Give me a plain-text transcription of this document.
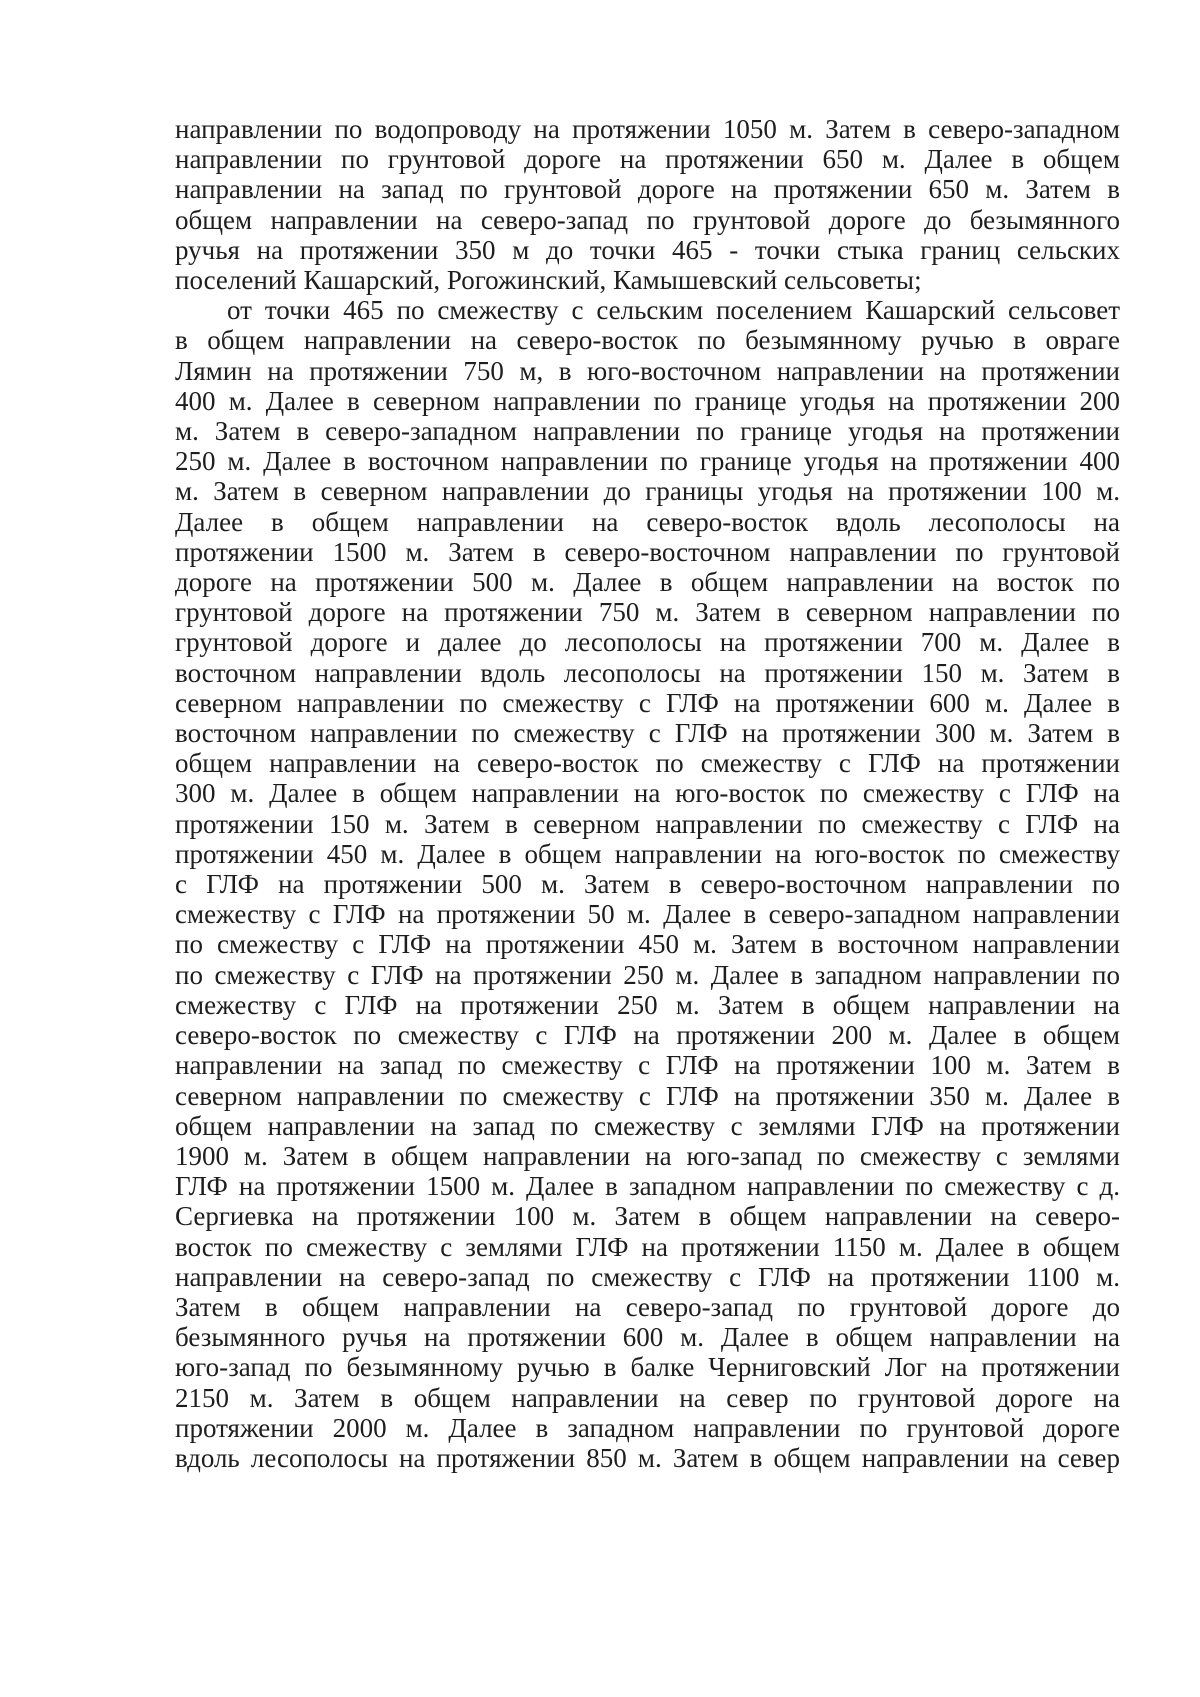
направлении по водопроводу на протяжении 1050 м. Затем в северо-западном
направлении по грунтовой дороге на протяжении 650 м. Далее в общем
направлении на запад по грунтовой дороге на протяжении 650 м. Затем в
общем направлении на северо-запад по грунтовой дороге до безымянного
ручья на протяжении 350 м до точки 465 - точки стыка границ сельских
поселений Кашарский, Рогожинский, Камышевский сельсоветы;
от точки 465 по смежеству с сельским поселением Кашарский сельсовет
в общем направлении на северо-восток по безымянному ручью в овраге
Лямин на протяжении 750 м, в юго-восточном направлении на протяжении
400 м. Далее в северном направлении по границе угодья на протяжении 200
м. Затем в северо-западном направлении по границе угодья на протяжении
250 м. Далее в восточном направлении по границе угодья на протяжении 400
м. Затем в северном направлении до границы угодья на протяжении 100 м.
Далее в общем направлении на северо-восток вдоль лесополосы на
протяжении 1500 м. Затем в северо-восточном направлении по грунтовой
дороге на протяжении 500 м. Далее в общем направлении на восток по
грунтовой дороге на протяжении 750 м. Затем в северном направлении по
грунтовой дороге и далее до лесополосы на протяжении 700 м. Далее в
восточном направлении вдоль лесополосы на протяжении 150 м. Затем в
северном направлении по смежеству с ГЛФ на протяжении 600 м. Далее в
восточном направлении по смежеству с ГЛФ на протяжении 300 м. Затем в
общем направлении на северо-восток по смежеству с ГЛФ на протяжении
300 м. Далее в общем направлении на юго-восток по смежеству с ГЛФ на
протяжении 150 м. Затем в северном направлении по смежеству с ГЛФ на
протяжении 450 м. Далее в общем направлении на юго-восток по смежеству
с ГЛФ на протяжении 500 м. Затем в северо-восточном направлении по
смежеству с ГЛФ на протяжении 50 м. Далее в северо-западном направлении
по смежеству с ГЛФ на протяжении 450 м. Затем в восточном направлении
по смежеству с ГЛФ на протяжении 250 м. Далее в западном направлении по
смежеству с ГЛФ на протяжении 250 м. Затем в общем направлении на
северо-восток по смежеству с ГЛФ на протяжении 200 м. Далее в общем
направлении на запад по смежеству с ГЛФ на протяжении 100 м. Затем в
северном направлении по смежеству с ГЛФ на протяжении 350 м. Далее в
общем направлении на запад по смежеству с землями ГЛФ на протяжении
1900 м. Затем в общем направлении на юго-запад по смежеству с землями
ГЛФ на протяжении 1500 м. Далее в западном направлении по смежеству с д.
Сергиевка на протяжении 100 м. Затем в общем направлении на северо-
восток по смежеству с землями ГЛФ на протяжении 1150 м. Далее в общем
направлении на северо-запад по смежеству с ГЛФ на протяжении 1100 м.
Затем в общем направлении на северо-запад по грунтовой дороге до
безымянного ручья на протяжении 600 м. Далее в общем направлении на
юго-запад по безымянному ручью в балке Черниговский Лог на протяжении
2150 м. Затем в общем направлении на север по грунтовой дороге на
протяжении 2000 м. Далее в западном направлении по грунтовой дороге
вдоль лесополосы на протяжении 850 м. Затем в общем направлении на север
